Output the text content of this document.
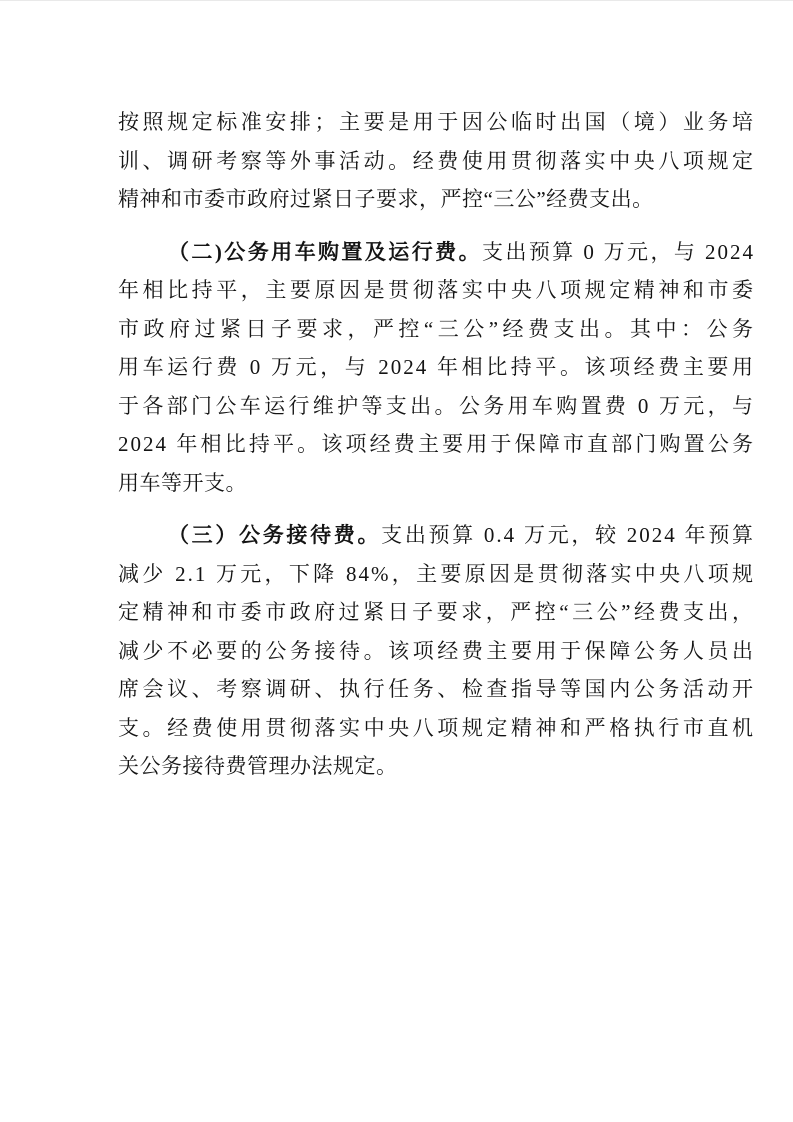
按照规定标准安排；主要是用于因公临时出国（境）业务培
训、调研考察等外事活动。经费使用贯彻落实中央八项规定
精神和市委市政府过紧日子要求，严控“三公”经费支出。
（二)公务用车购置及运行费。支出预算 0 万元，与 2024
年相比持平，主要原因是贯彻落实中央八项规定精神和市委
市政府过紧日子要求，严控“三公”经费支出。其中：公务
用车运行费 0 万元，与 2024 年相比持平。该项经费主要用
于各部门公车运行维护等支出。公务用车购置费 0 万元，与
2024 年相比持平。该项经费主要用于保障市直部门购置公务
用车等开支。
（三）公务接待费。支出预算 0.4 万元，较 2024 年预算
减少 2.1 万元，下降 84%，主要原因是贯彻落实中央八项规
定精神和市委市政府过紧日子要求，严控“三公”经费支出，
减少不必要的公务接待。该项经费主要用于保障公务人员出
席会议、考察调研、执行任务、检查指导等国内公务活动开
支。经费使用贯彻落实中央八项规定精神和严格执行市直机
关公务接待费管理办法规定。
